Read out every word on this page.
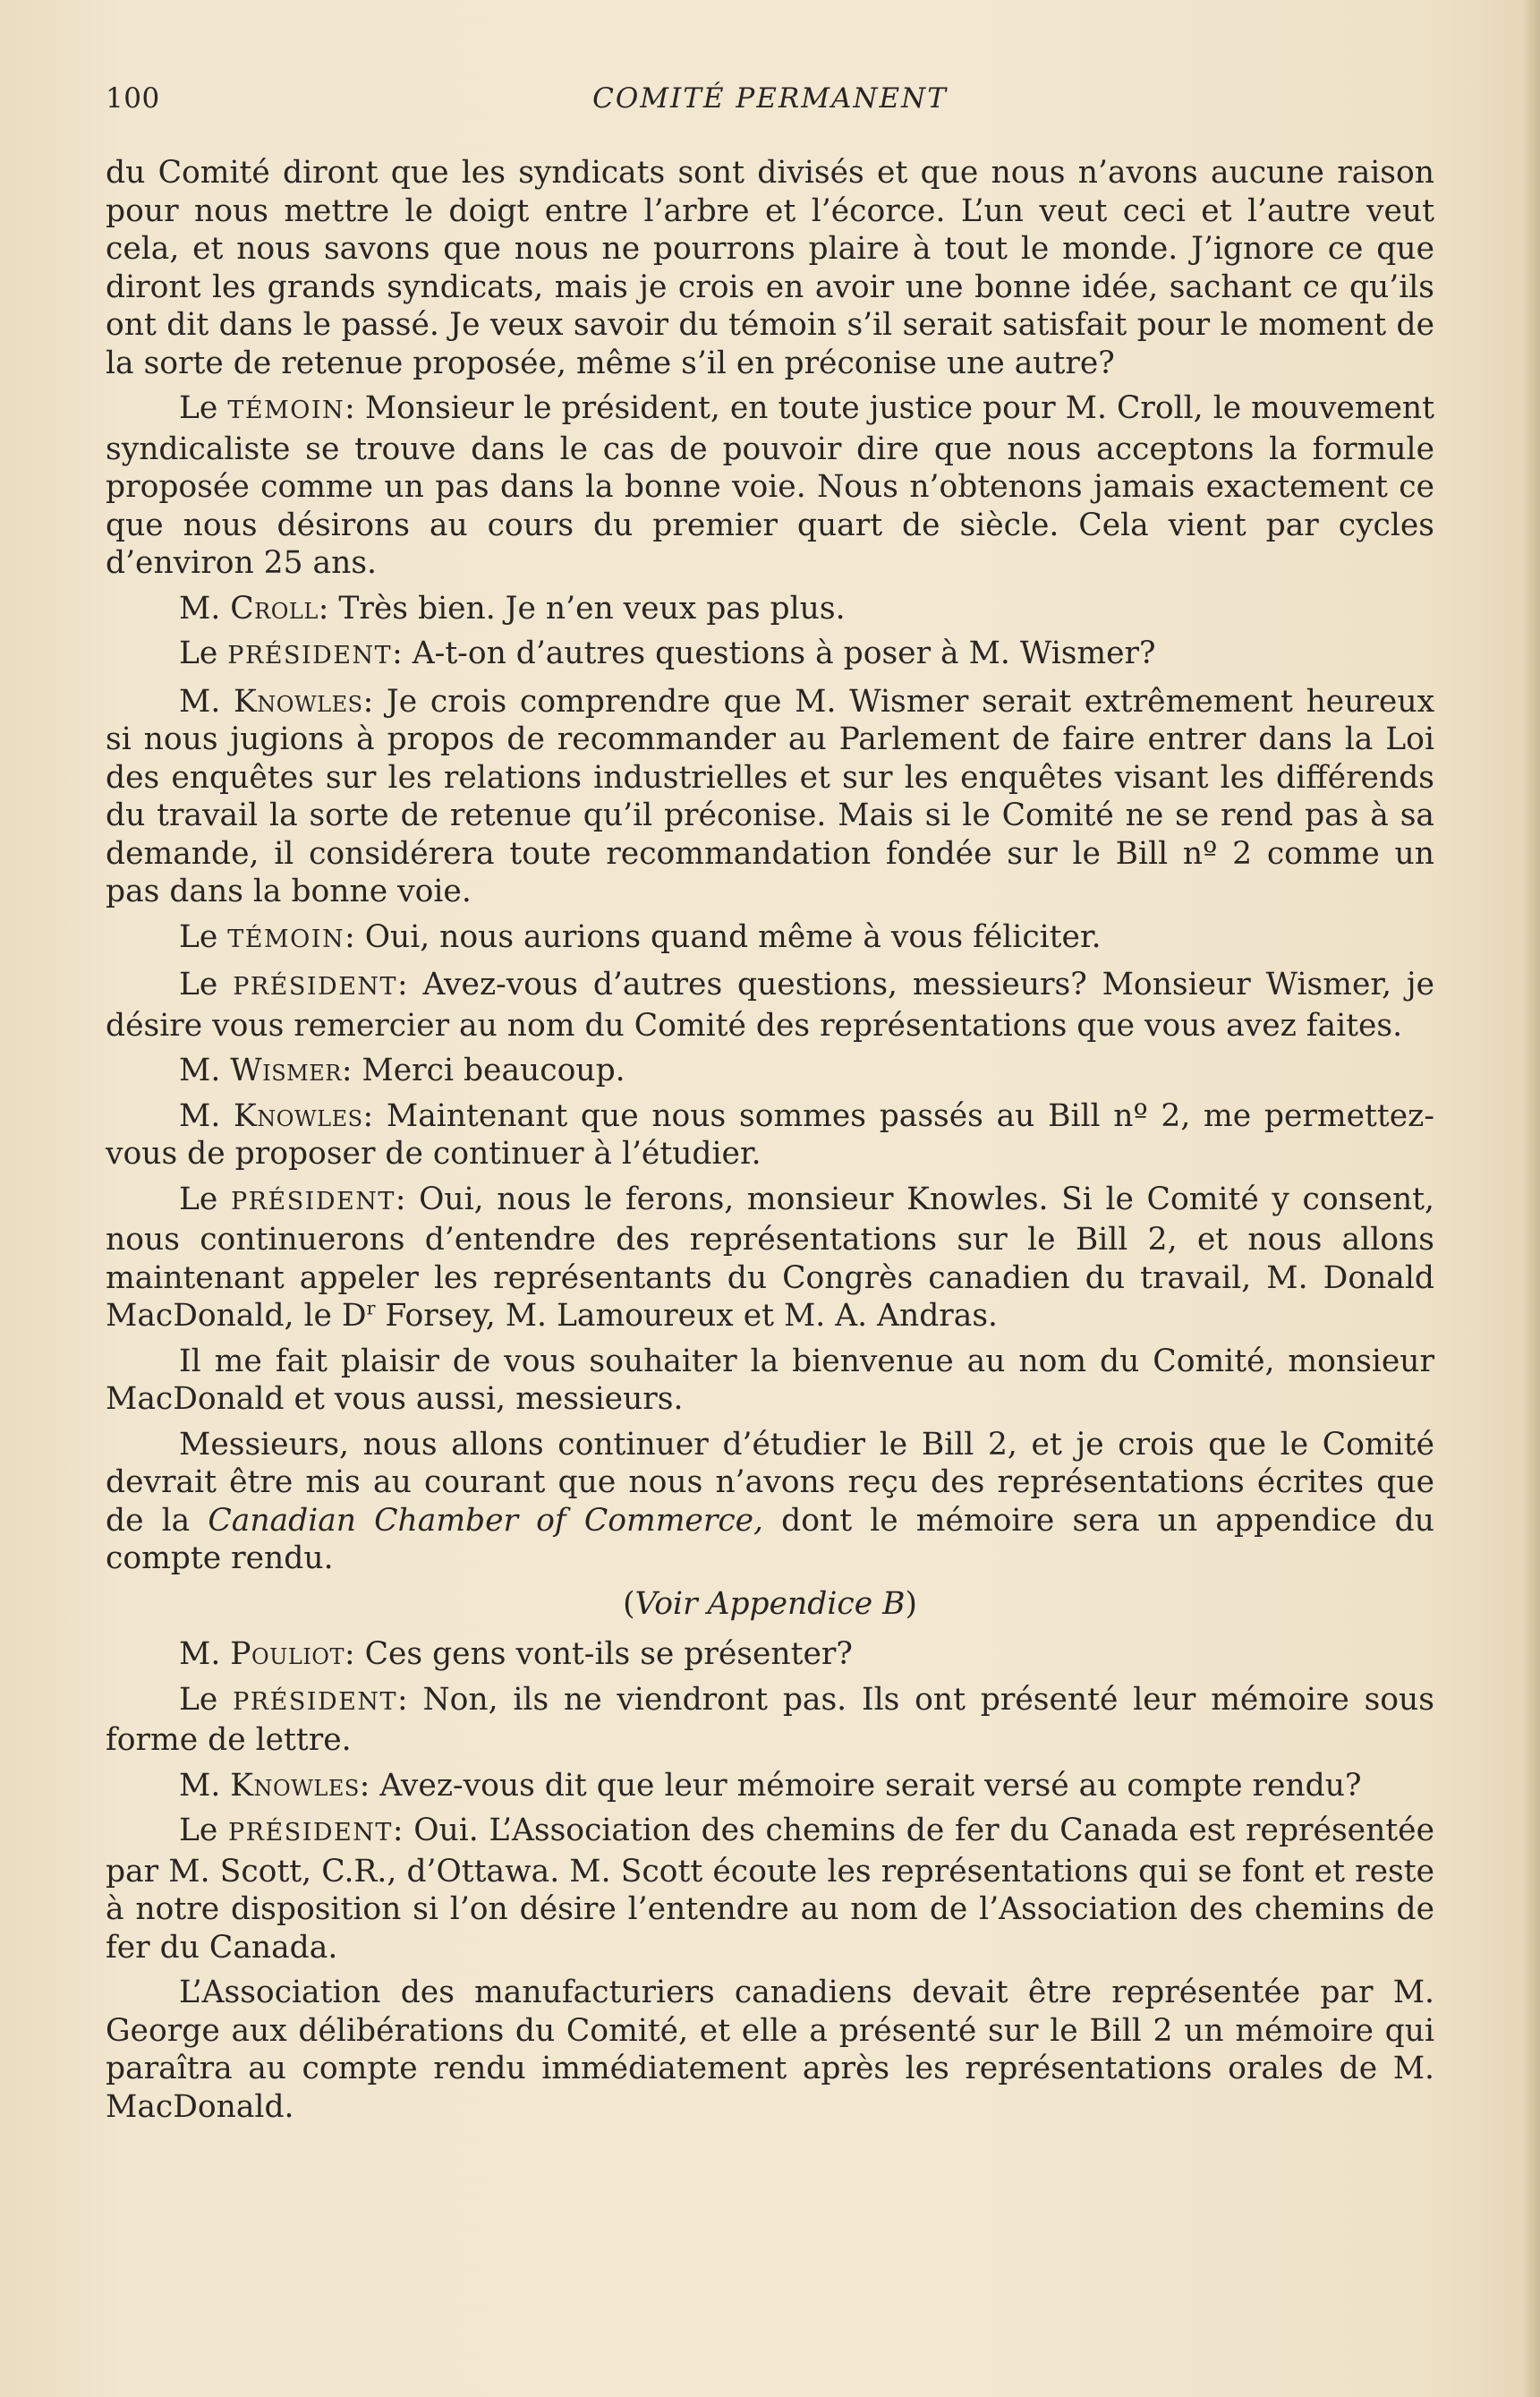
100	COMITÉ PERMANENT

du Comité diront que les syndicats sont divisés et que nous n’avons aucune raison pour nous mettre le doigt entre l’arbre et l’écorce. L’un veut ceci et l’autre veut cela, et nous savons que nous ne pourrons plaire à tout le monde. J’ignore ce que diront les grands syndicats, mais je crois en avoir une bonne idée, sachant ce qu’ils ont dit dans le passé. Je veux savoir du témoin s’il serait satisfait pour le moment de la sorte de retenue proposée, même s’il en préconise une autre?

Le TÉMOIN: Monsieur le président, en toute justice pour M. Croll, le mouvement syndicaliste se trouve dans le cas de pouvoir dire que nous acceptons la formule proposée comme un pas dans la bonne voie. Nous n’obtenons jamais exactement ce que nous désirons au cours du premier quart de siècle. Cela vient par cycles d’environ 25 ans.

M. Croll: Très bien. Je n’en veux pas plus.

Le PRÉSIDENT: A-t-on d’autres questions à poser à M. Wismer?

M. Knowles: Je crois comprendre que M. Wismer serait extrêmement heureux si nous jugions à propos de recommander au Parlement de faire entrer dans la Loi des enquêtes sur les relations industrielles et sur les enquêtes visant les différends du travail la sorte de retenue qu’il préconise. Mais si le Comité ne se rend pas à sa demande, il considérera toute recommandation fondée sur le Bill nº 2 comme un pas dans la bonne voie.

Le TÉMOIN: Oui, nous aurions quand même à vous féliciter.

Le PRÉSIDENT: Avez-vous d’autres questions, messieurs? Monsieur Wismer, je désire vous remercier au nom du Comité des représentations que vous avez faites.

M. Wismer: Merci beaucoup.

M. Knowles: Maintenant que nous sommes passés au Bill nº 2, me permettez-vous de proposer de continuer à l’étudier.

Le PRÉSIDENT: Oui, nous le ferons, monsieur Knowles. Si le Comité y consent, nous continuerons d’entendre des représentations sur le Bill 2, et nous allons maintenant appeler les représentants du Congrès canadien du travail, M. Donald MacDonald, le $D^r$ Forsey, M. Lamoureux et M. A. Andras.

Il me fait plaisir de vous souhaiter la bienvenue au nom du Comité, monsieur MacDonald et vous aussi, messieurs.

Messieurs, nous allons continuer d’étudier le Bill 2, et je crois que le Comité devrait être mis au courant que nous n’avons reçu des représentations écrites que de la Canadian Chamber of Commerce, dont le mémoire sera un appendice du compte rendu.

(Voir Appendice B)

M. Pouliot: Ces gens vont-ils se présenter?

Le PRÉSIDENT: Non, ils ne viendront pas. Ils ont présenté leur mémoire sous forme de lettre.

M. Knowles: Avez-vous dit que leur mémoire serait versé au compte rendu?

Le PRÉSIDENT: Oui. L’Association des chemins de fer du Canada est représentée par M. Scott, C.R., d’Ottawa. M. Scott écoute les représentations qui se font et reste à notre disposition si l’on désire l’entendre au nom de l’Association des chemins de fer du Canada.

L’Association des manufacturiers canadiens devait être représentée par M. George aux délibérations du Comité, et elle a présenté sur le Bill 2 un mémoire qui paraîtra au compte rendu immédiatement après les représentations orales de M. MacDonald.
